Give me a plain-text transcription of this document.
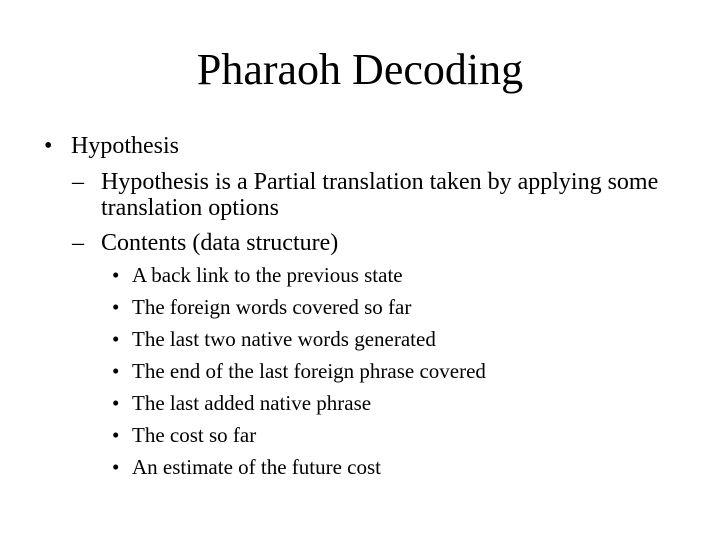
Pharaoh Decoding
• Hypothesis
– Hypothesis is a Partial translation taken by applying some translation options
– Contents (data structure)
• A back link to the previous state
• The foreign words covered so far
• The last two native words generated
• The end of the last foreign phrase covered
• The last added native phrase
• The cost so far
• An estimate of the future cost
